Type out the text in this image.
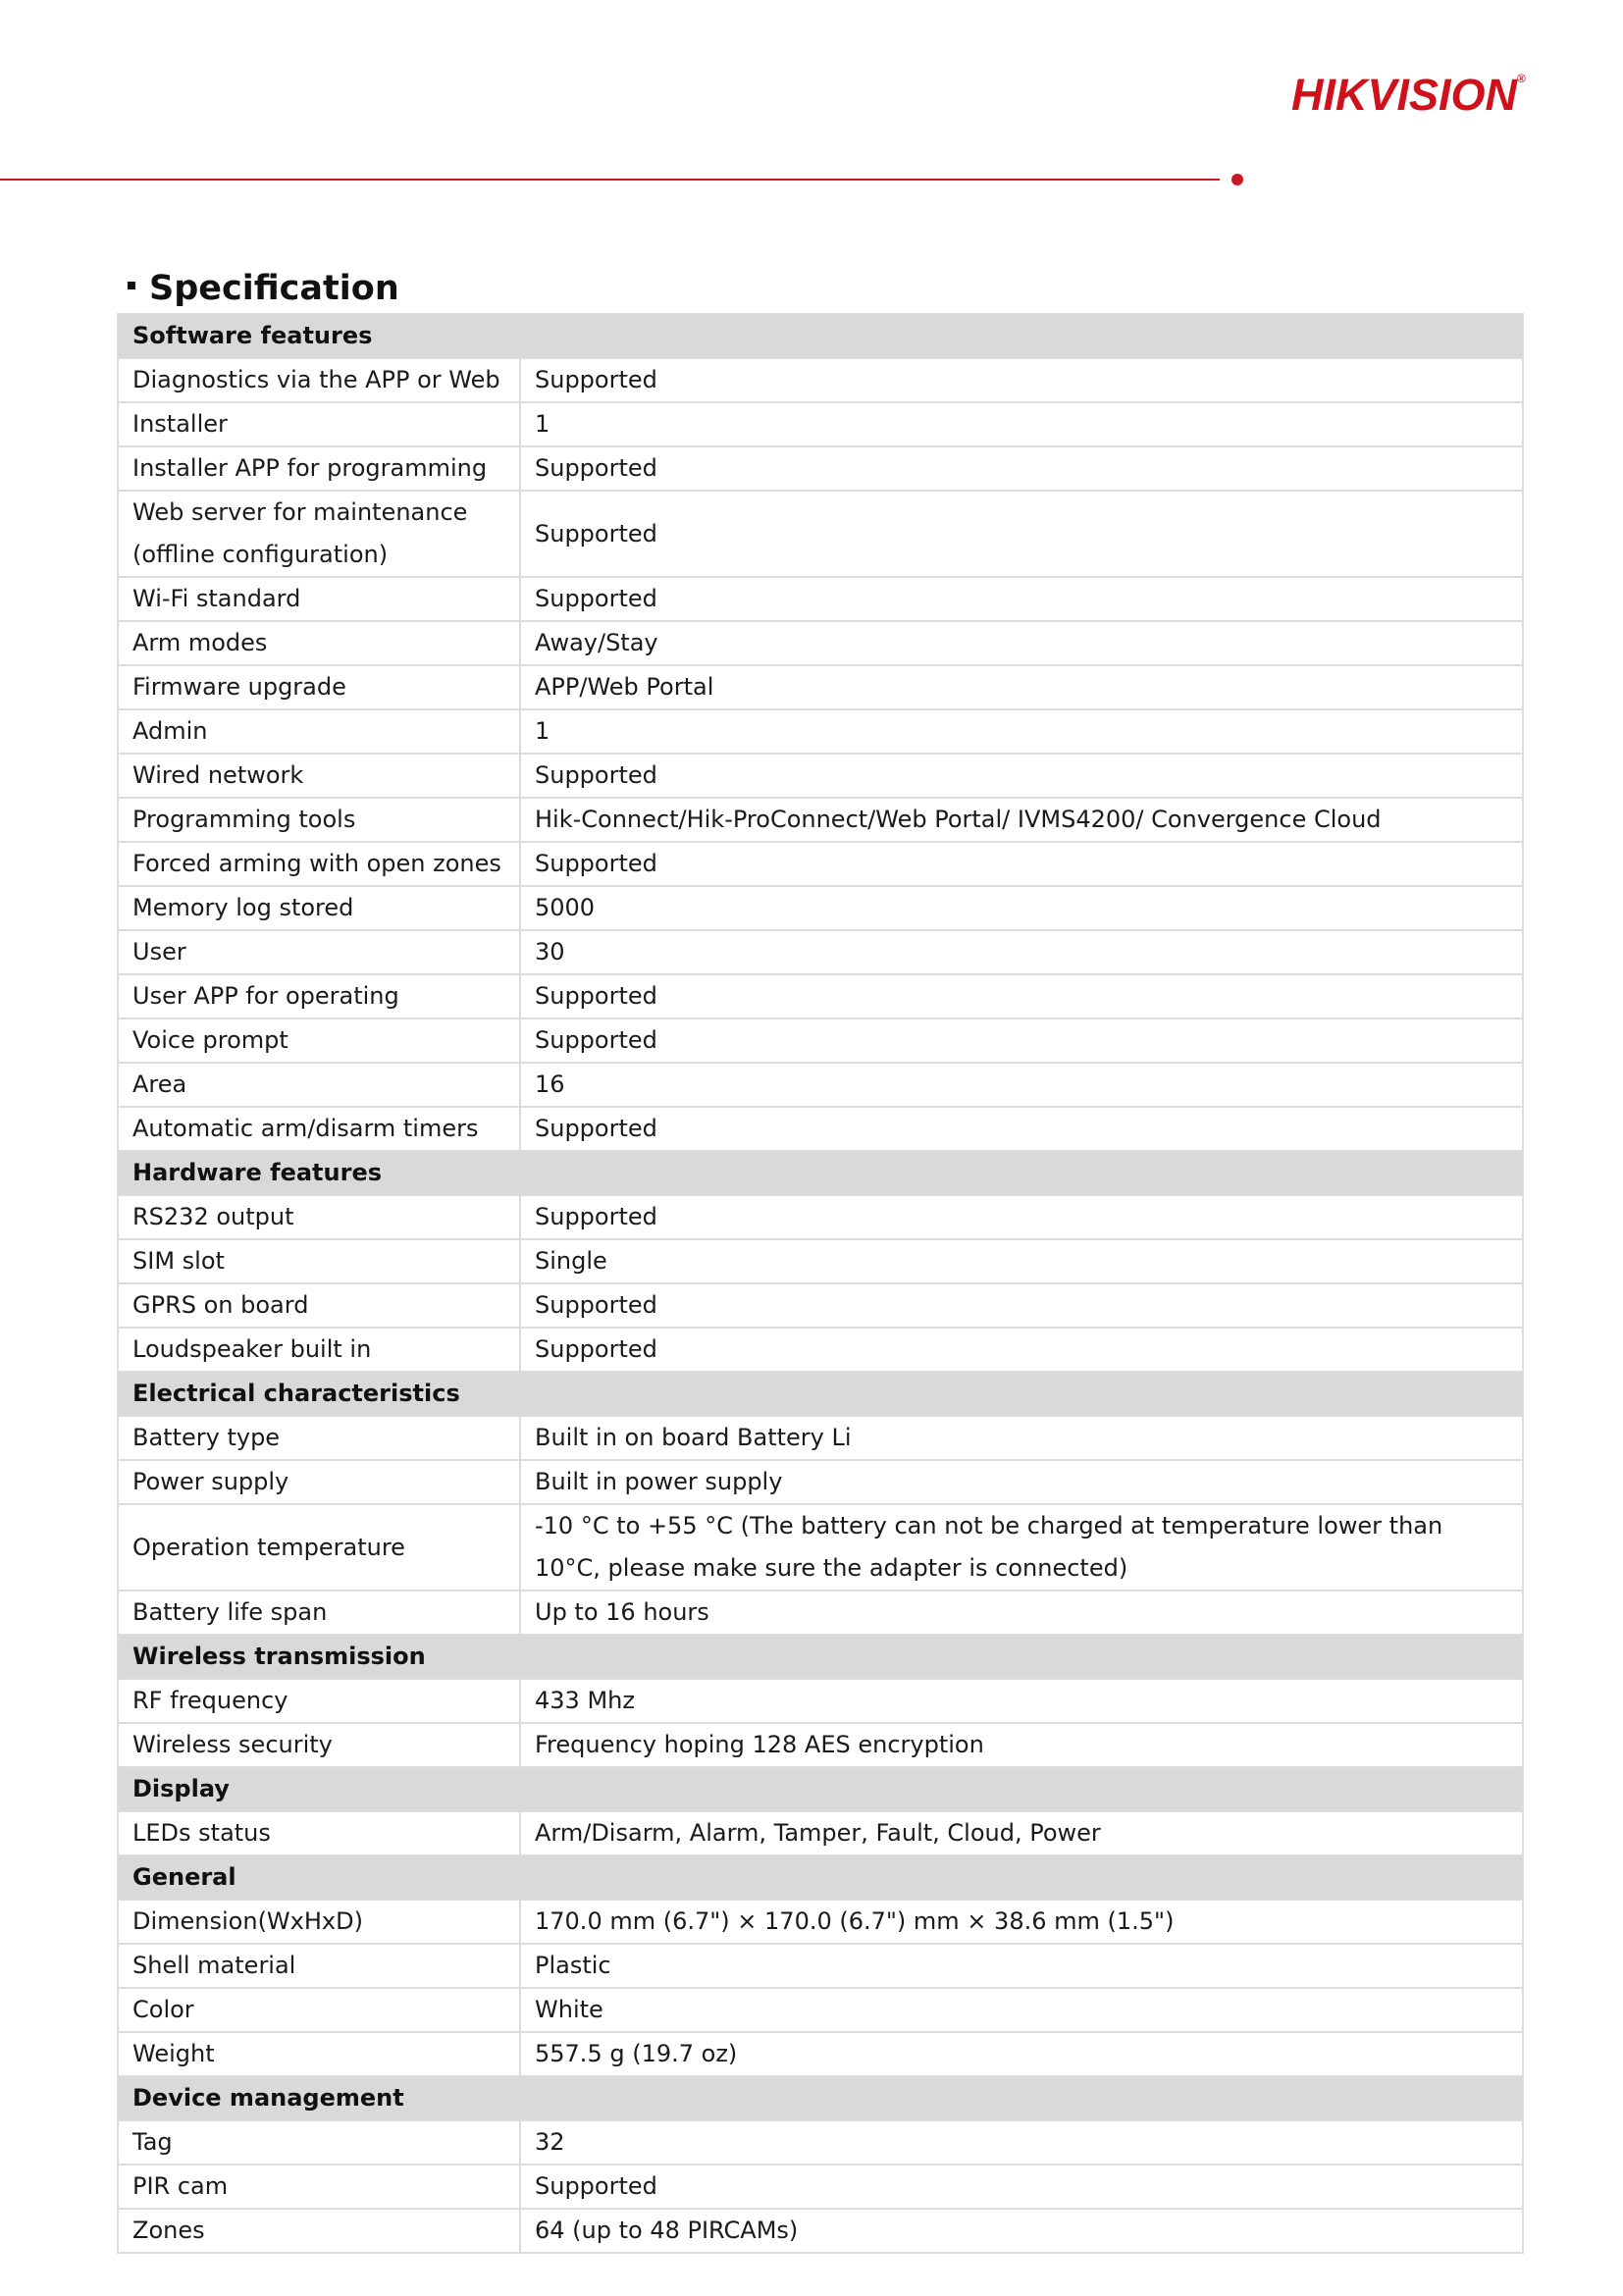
HIKVISION®
Specification
Software features	
Diagnostics via the APP or Web	Supported
Installer	1
Installer APP for programming	Supported
Web server for maintenance (offline configuration)	Supported
Wi-Fi standard	Supported
Arm modes	Away/Stay
Firmware upgrade	APP/Web Portal
Admin	1
Wired network	Supported
Programming tools	Hik-Connect/Hik-ProConnect/Web Portal/ IVMS4200/ Convergence Cloud
Forced arming with open zones	Supported
Memory log stored	5000
User	30
User APP for operating	Supported
Voice prompt	Supported
Area	16
Automatic arm/disarm timers	Supported
Hardware features	
RS232 output	Supported
SIM slot	Single
GPRS on board	Supported
Loudspeaker built in	Supported
Electrical characteristics	
Battery type	Built in on board Battery Li
Power supply	Built in power supply
Operation temperature	-10 °C to +55 °C (The battery can not be charged at temperature lower than 10°C, please make sure the adapter is connected)
Battery life span	Up to 16 hours
Wireless transmission	
RF frequency	433 Mhz
Wireless security	Frequency hoping 128 AES encryption
Display	
LEDs status	Arm/Disarm, Alarm, Tamper, Fault, Cloud, Power
General	
Dimension(WxHxD)	170.0 mm (6.7") × 170.0 (6.7") mm × 38.6 mm (1.5")
Shell material	Plastic
Color	White
Weight	557.5 g (19.7 oz)
Device management	
Tag	32
PIR cam	Supported
Zones	64 (up to 48 PIRCAMs)
